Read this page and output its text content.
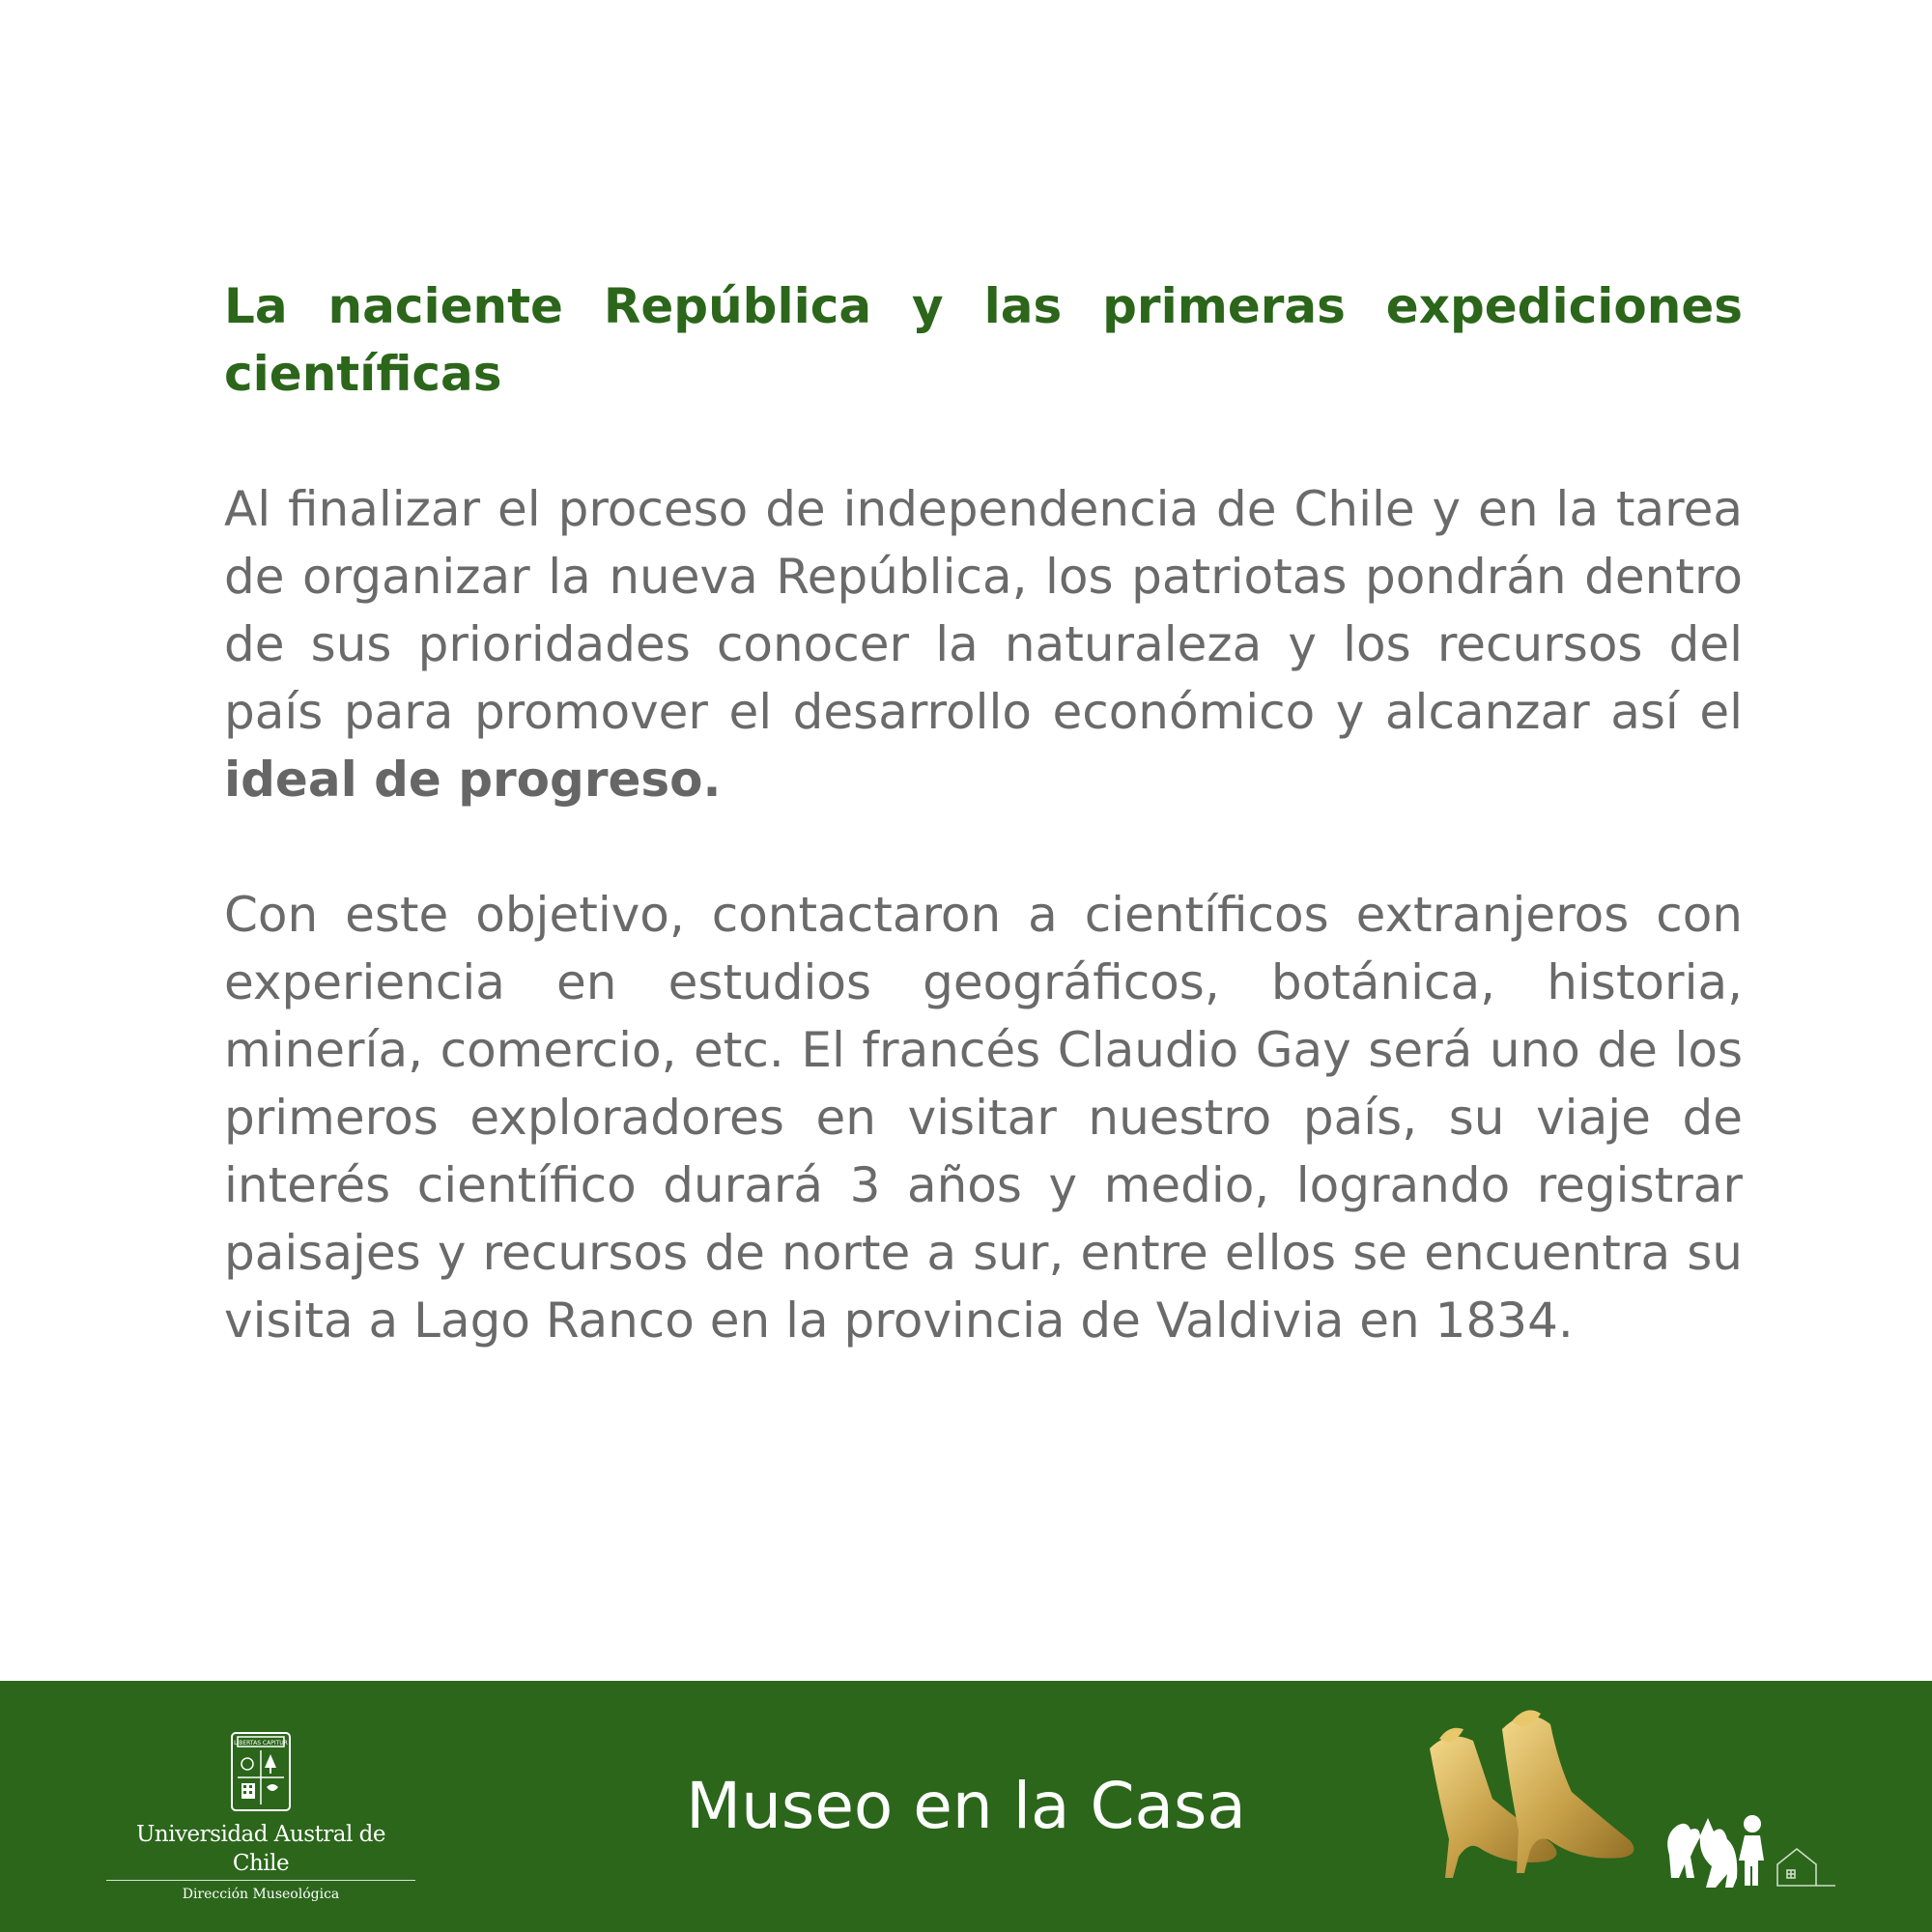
La naciente República y las primeras expediciones científicas

Al finalizar el proceso de independencia de Chile y en la tarea de organizar la nueva República, los patriotas pondrán dentro de sus prioridades conocer la naturaleza y los recursos del país para promover el desarrollo económico y alcanzar así el ideal de progreso.

Con este objetivo, contactaron a científicos extranjeros con experiencia en estudios geográficos, botánica, historia, minería, comercio, etc. El francés Claudio Gay será uno de los primeros exploradores en visitar nuestro país, su viaje de interés científico durará 3 años y medio, logrando registrar paisajes y recursos de norte a sur, entre ellos se encuentra su visita a Lago Ranco en la provincia de Valdivia en 1834.

LIBERTAS CAPITUR
Universidad Austral de Chile
Dirección Museológica
Museo en la Casa
